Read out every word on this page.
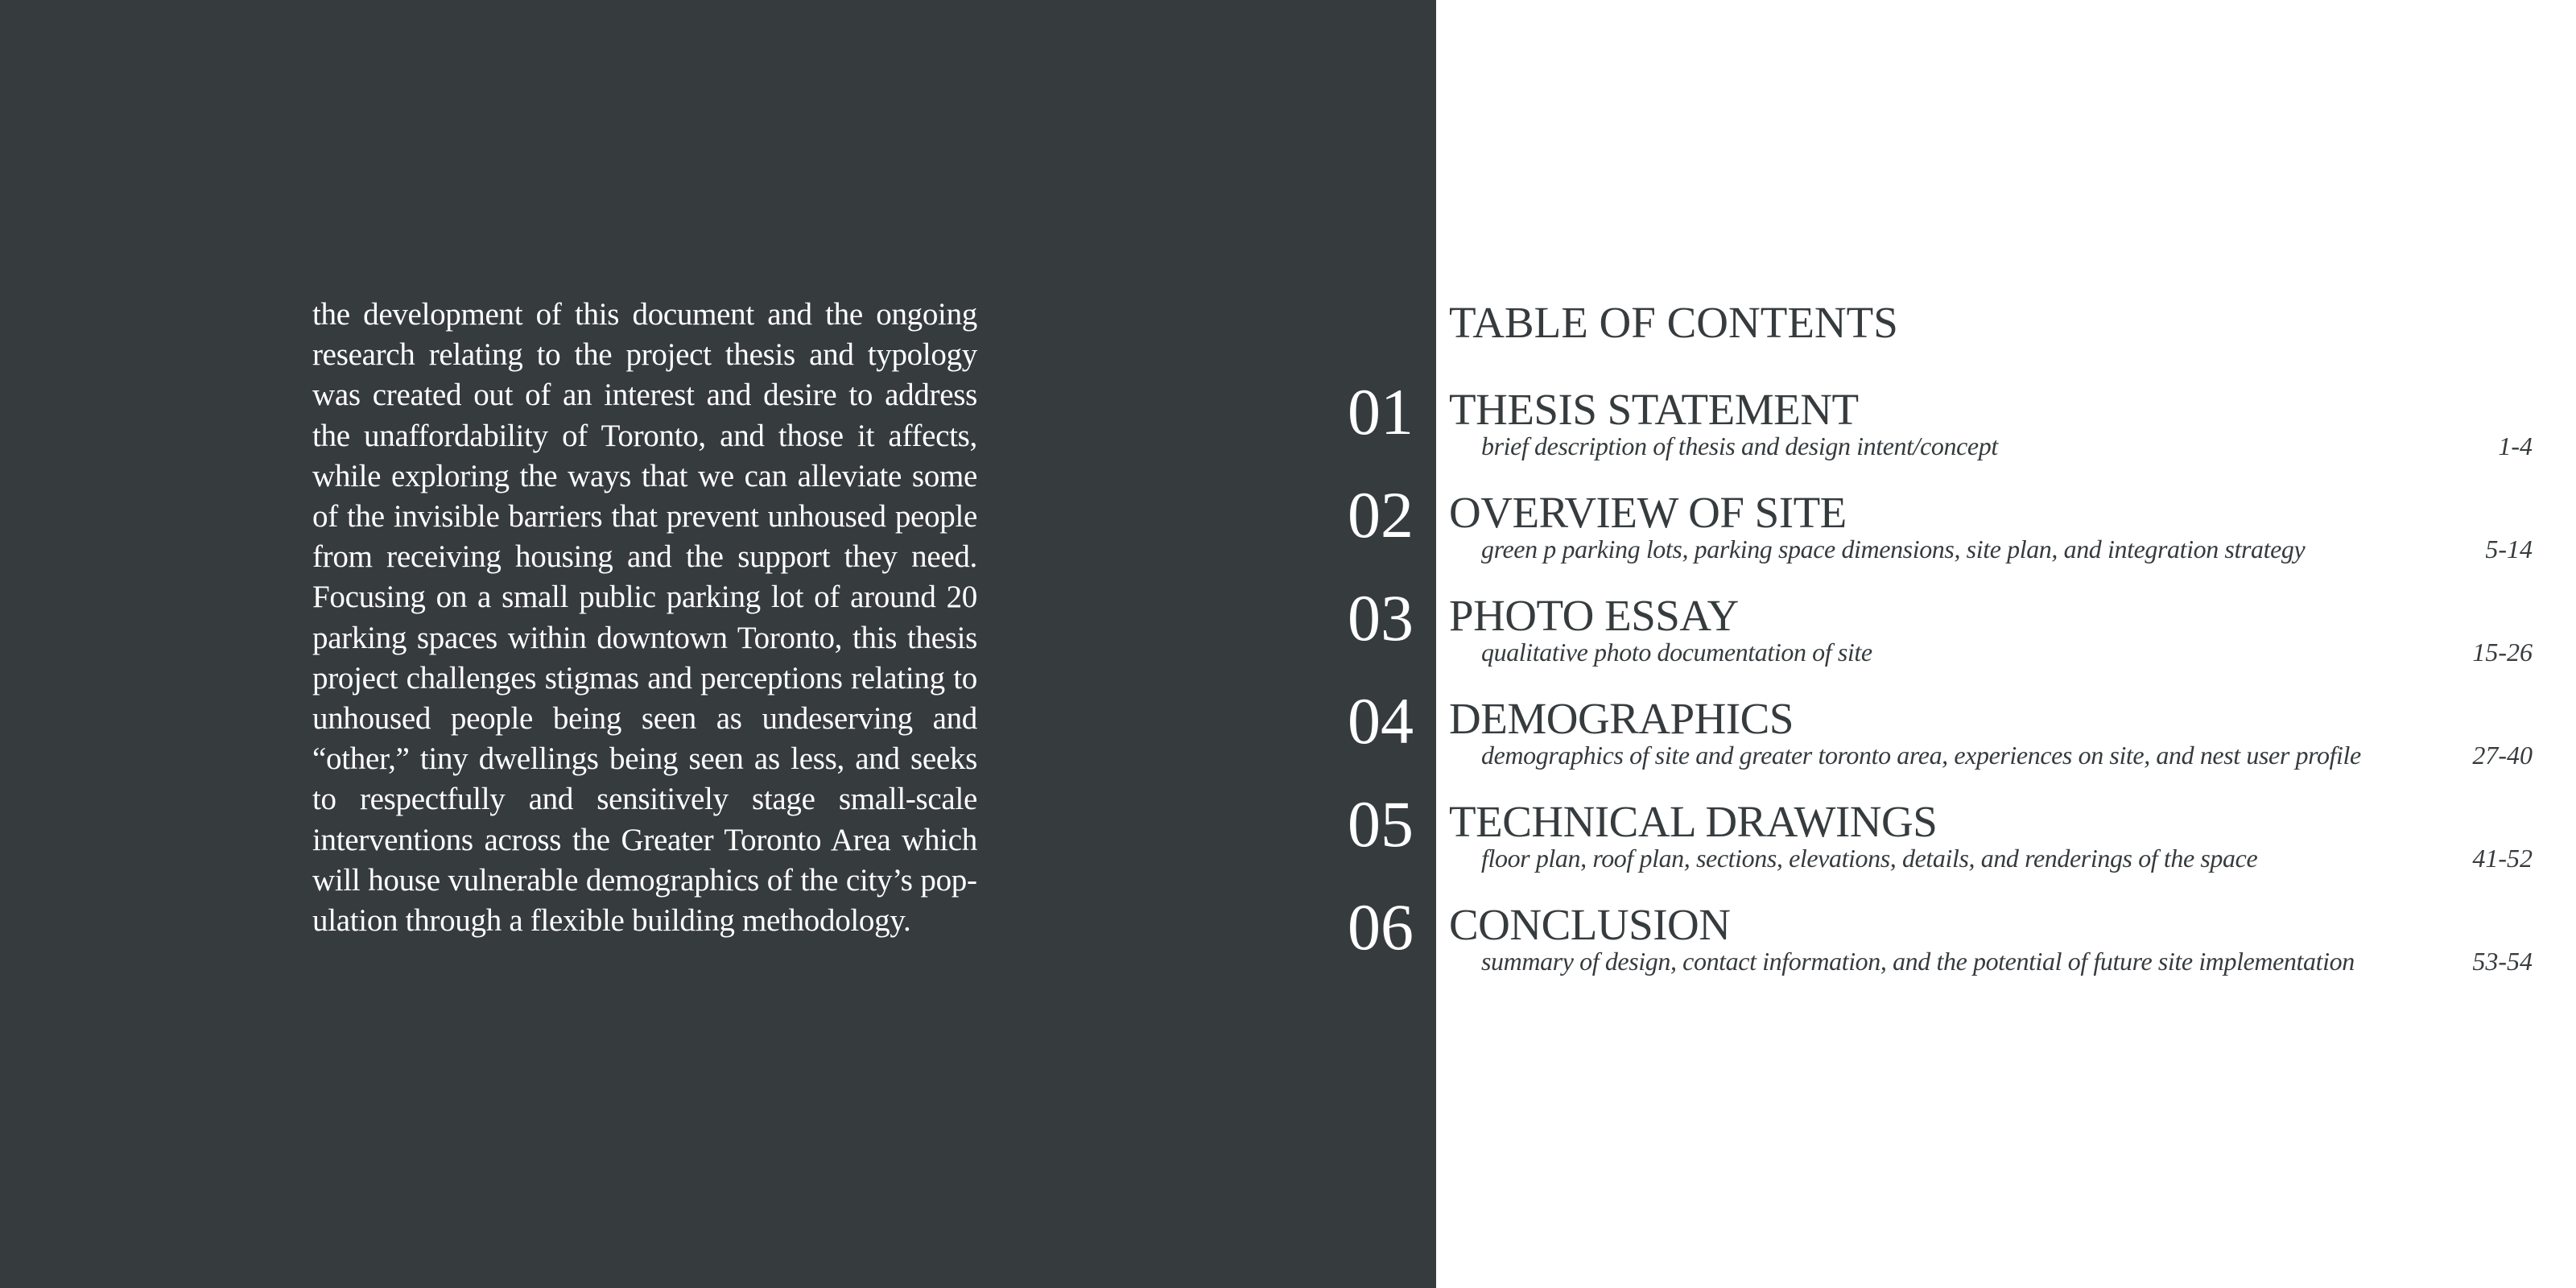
the development of this document and the ongoing research relating to the project thesis and typology was created out of an interest and desire to address the unaffordability of Toronto, and those it affects, while exploring the ways that we can alleviate some of the invisible barriers that prevent unhoused people from receiving housing and the support they need. Focusing on a small public parking lot of around 20 parking spaces within downtown Toronto, this thesis project challenges stigmas and perceptions relating to unhoused people being seen as undeserving and “other,” tiny dwellings being seen as less, and seeks to respectfully and sensitively stage small-scale interventions across the Greater Toronto Area which will house vulnerable demographics of the city’s population through a flexible building methodology.

TABLE OF CONTENTS
01 THESIS STATEMENT
brief description of thesis and design intent/concept	1-4
02 OVERVIEW OF SITE
green p parking lots, parking space dimensions, site plan, and integration strategy	5-14
03 PHOTO ESSAY
qualitative photo documentation of site	15-26
04 DEMOGRAPHICS
demographics of site and greater toronto area, experiences on site, and nest user profile	27-40
05 TECHNICAL DRAWINGS
floor plan, roof plan, sections, elevations, details, and renderings of the space	41-52
06 CONCLUSION
summary of design, contact information, and the potential of future site implementation	53-54
